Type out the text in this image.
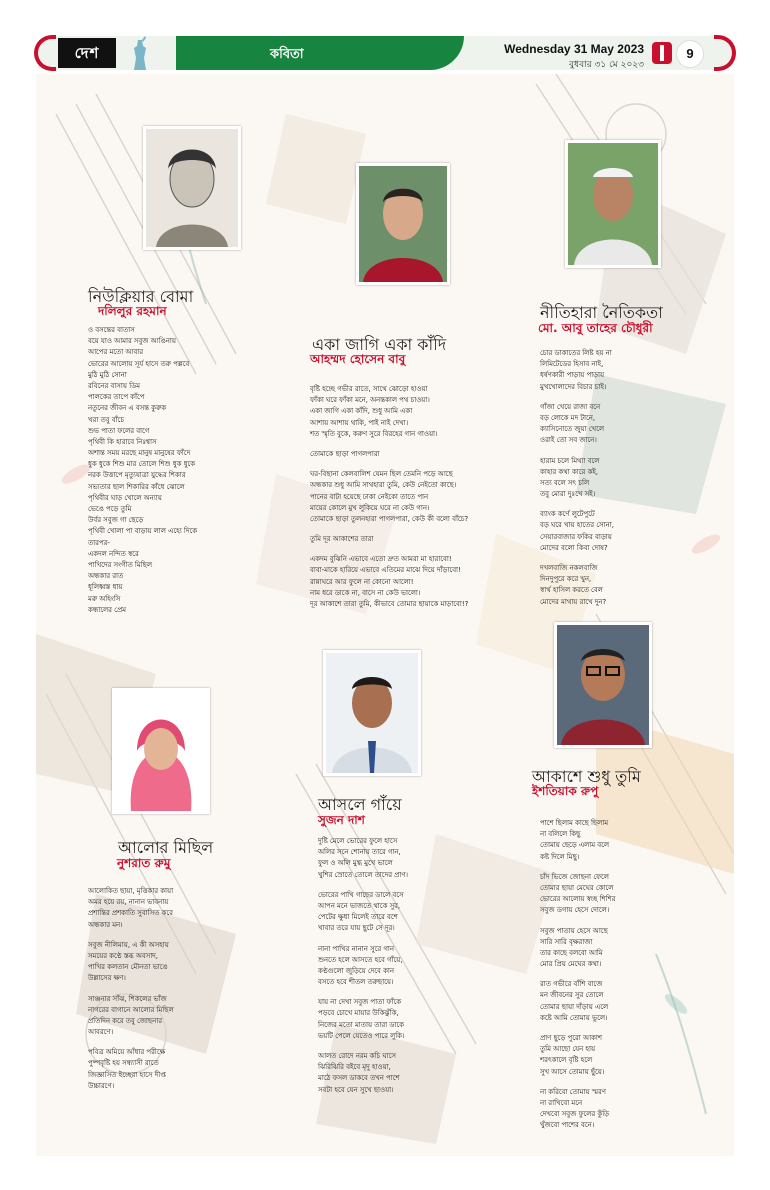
দেশ	কবিতা	Wednesday 31 May 2023
বুধবার ৩১ মে ২০২৩
9
নিউক্লিয়ার বোমা
দলিলুর রহমান
ও বসন্তের বাতাস
বয়ে যাও আমার সবুজ আঙিনায়
আপের মতো আবার
ভোরের আলোয় সূর্য হাসে তরু পল্লবে
মুঠি মুঠি সোনা
রবিনের বাসায় ডিম
পালকের তাপে কাঁপে
নতুনের জীবন এ বসন্ত কুরুক
খরা তবু বাঁচে
শুভ পাতা ফলের বাগে
পৃথিবী কি হারাবে নিঃশ্বাস
অশান্ত সময় মরছে মানুষ মানুষের ফাঁদে
ধুক ধুকে শিশু মার তোলে শিশু ধুক ধুকে
নরক উত্তাপে মৃত্যুযাত্রা যুদ্ধের শিকার
সভ্যতার ছাল শিকারির কাঁধে ঝোলে
পৃথিবীর ঘাড় খোলে অন্যায়
ভেঙে পড়ে তুমি
উর্বর সবুজ গা ছেড়ে
পৃথিবী খোলা পা বাড়ায় লাল এহ্যে দিকে
তারপর-
একদল নন্দিত স্বরে
পাখিদের সংগীত মিছিল
অন্ধকার রাত
ধূলিধ্বস্ত ধায়
মরু অহিংসি
কন্ধালের প্রেম
একা জাগি একা কাঁদি
আহম্মদ হোসেন বাবু
বৃষ্টি হচ্ছে গভীর রাতে, সাথে ঝোড়ো হাওয়া
ফাঁকা ঘরে ফাঁকা মনে, অনন্তকাল পথ চাওয়া।
একা জাগি একা কাঁদি, শুধু আমি একা
আশায় আশায় থাকি, পাই নাই দেখা।
শত স্মৃতি বুকে, করুণ সুরে বিরহের গান গাওয়া।
তোমাকে ছাড়া পাগলপারা
ঘর-বিছানা কেলবালিশ যেমন ছিল তেমনি পড়ে আছে
অন্ধকার শুধু আমি সাথহারা তুমি, কেউ নেইতো কাছে।
পানের বাটা হয়েছে ঢাকা নেইকো তাতে পান
মায়ের কোলে মুখ লুকিয়ে ঘরে না কেউ গান।
তোমাকে ছাড়া তুলনহারা পাগলপারা, কেউ কী বলো বাঁচে?
তুমি দূর আকাশের তারা
একদম বুঝিনি এভাবে এতো দ্রুত আমরা মা হারাবো!
বাবা-মাকে হারিয়ে এভাবে এতিমের মাঝে দিয়ে দাঁড়াবো!
রান্নাঘরে আর ফুলে না কোনো আলো!
নাম ধরে ডাকে না, বাসে না কেউ ভালো।
দূর আকাশে তারা তুমি, কীভাবে তোমার ছায়াকে মাড়াবো!?
নীতিহারা নৈতিকতা
মো. আবু তাহের চৌধুরী
চোর ডাকাতের লিষ্ট হয় না
লিমিটেডের হিসাব নাই,
ধর্ষণকারী পাড়ায় পাড়ায়
মুখখোলাদের বিচার চাই।
গাঁজা খেয়ে রাজা বনে
বড় লোকে মদ টানে,
ক্যাসিনোতে জুয়া খেলে
ওরাই তো সব জানে।
হারাম চলে মিথ্যা বলে
কাহার কথা কারে কই,
সত্য বলে সৎ চলি
তবু মোরা দুঃখে সই।
ব্যাংক কর্ণে লুটেপুটে
বড় ঘরে খায় হাতের সোনা,
সেয়ারবাজার ফকির বাড়ায়
মোদের বলো কিবা দোষ?
দখলবাজি নকলবাজি
দিনদুপুরে করে খুন,
স্বার্থ হাসিল করতে বেল
মোদের মাথায় রাখে দুন?
আলোর মিছিল
নুশরাত রুমু
আলোকিত ছায়া, মৃত্তিকার কায়া
অমর হয়ে রয়, নানান ভাবনায়
প্রশান্তির প্রশকাতি সুবাসিত করে
অন্ধকার মন।
সবুজ নীলিমায়, এ কী অসহায়
সময়ের কণ্ঠে স্তব্ধ অবসাদ,
পাখির কলতান মৌনতা ভাঙে
উল্লাসের ক্ষণ।
সাঞ্জনার সাঁঝ, শিকলের ভাঁজ
নাগরের বাগানে আলোর মিছিল
প্রতিদিন করে তবু জোছনার
আবরণে।
পবিত্র অমিয়ে আঁধার পরীক্ষে
পুষ্পবৃষ্টি হয় সন্ধ্যাসী রাতে
জিজ্ঞাসিত ইচ্ছেরা হাসে দীপ্ত
উচ্চারণে।
আসলে গাঁয়ে
সুজন দাশ
দুষ্টি মেলে ভোরের ফুলে হাসে
অলির সনে শোনায় তারে গান,
ফুল ও অলি মুগ্ধ মুখে ভালে
খুশির স্রোতে তোলে তাদের প্রাণ।
ভোরের পাখি গাছের ডালে বসে
আপন মনে ভাজতে থাকে সুর,
পেটের ক্ষুধা মিলেই তারে বশে
খাবার তরে যায় ছুটে সে দূর।
নানা পাখির নানান সুরে গান
শুনতে হলে আসতে হবে গাঁয়ে,
কণ্ঠগুলো জুড়িয়ে দেবে কান
বসতে হবে শীতল তরুছায়ে।
যায় না দেখা সবুজ পাতা ফাঁকে
পড়বে চোখে মায়ার উকিঝুঁকি,
নিজের মতো মাতায় তারা ডাকে
ভয়টি পেলে যেতেও পারে লুকি।
আলত রোদে নরম কচি ঘাসে
ঝিরিঝিরি বইবে মৃদু হাওয়া,
মাঠে ফসল ডাকবে তখন পাশে
সবটা হবে যেন সুখে ছাওয়া।
আকাশে শুধু তুমি
ইশতিয়াক রুপু
পাশে ছিলাম কাছে ছিলাম
না বলিলে কিছু
তোমায় ছেড়ে এলাম বলে
কষ্ট দিলে মিছু।
চাঁদ ভিজে জোছনা ফেলে
তোমার ছায়া মেঘের কোলে
ভোরের আলোয় স্বচ্ছ শিশির
সবুজ ডগায় হেসে দোলে।
সবুজ পাতায় হেসে আছে
সারি সারি বৃক্ষরাজা
তার কাছে বলবো আমি
মোর প্রিয় মেঘের কথা।
রাত গভীরে বাঁশি বাজে
মন জীবনের সুর তোলে
তোমার ছায়া দাঁড়ায় এলে
কষ্টে আমি তোমায় ভুলে।
প্রাণ ছুড়ে পুরো আকাশ
তুমি আছো যেন হায়
শরৎকালে বৃষ্টি হলে
সুখ আসে তোমায় ছুঁয়ে।
না করিবো তোমায় স্মরণ
না রাখিবো মনে
দেখবো সবুজ ফুলের কুঁড়ি
খুঁজবো পাশের বনে।
